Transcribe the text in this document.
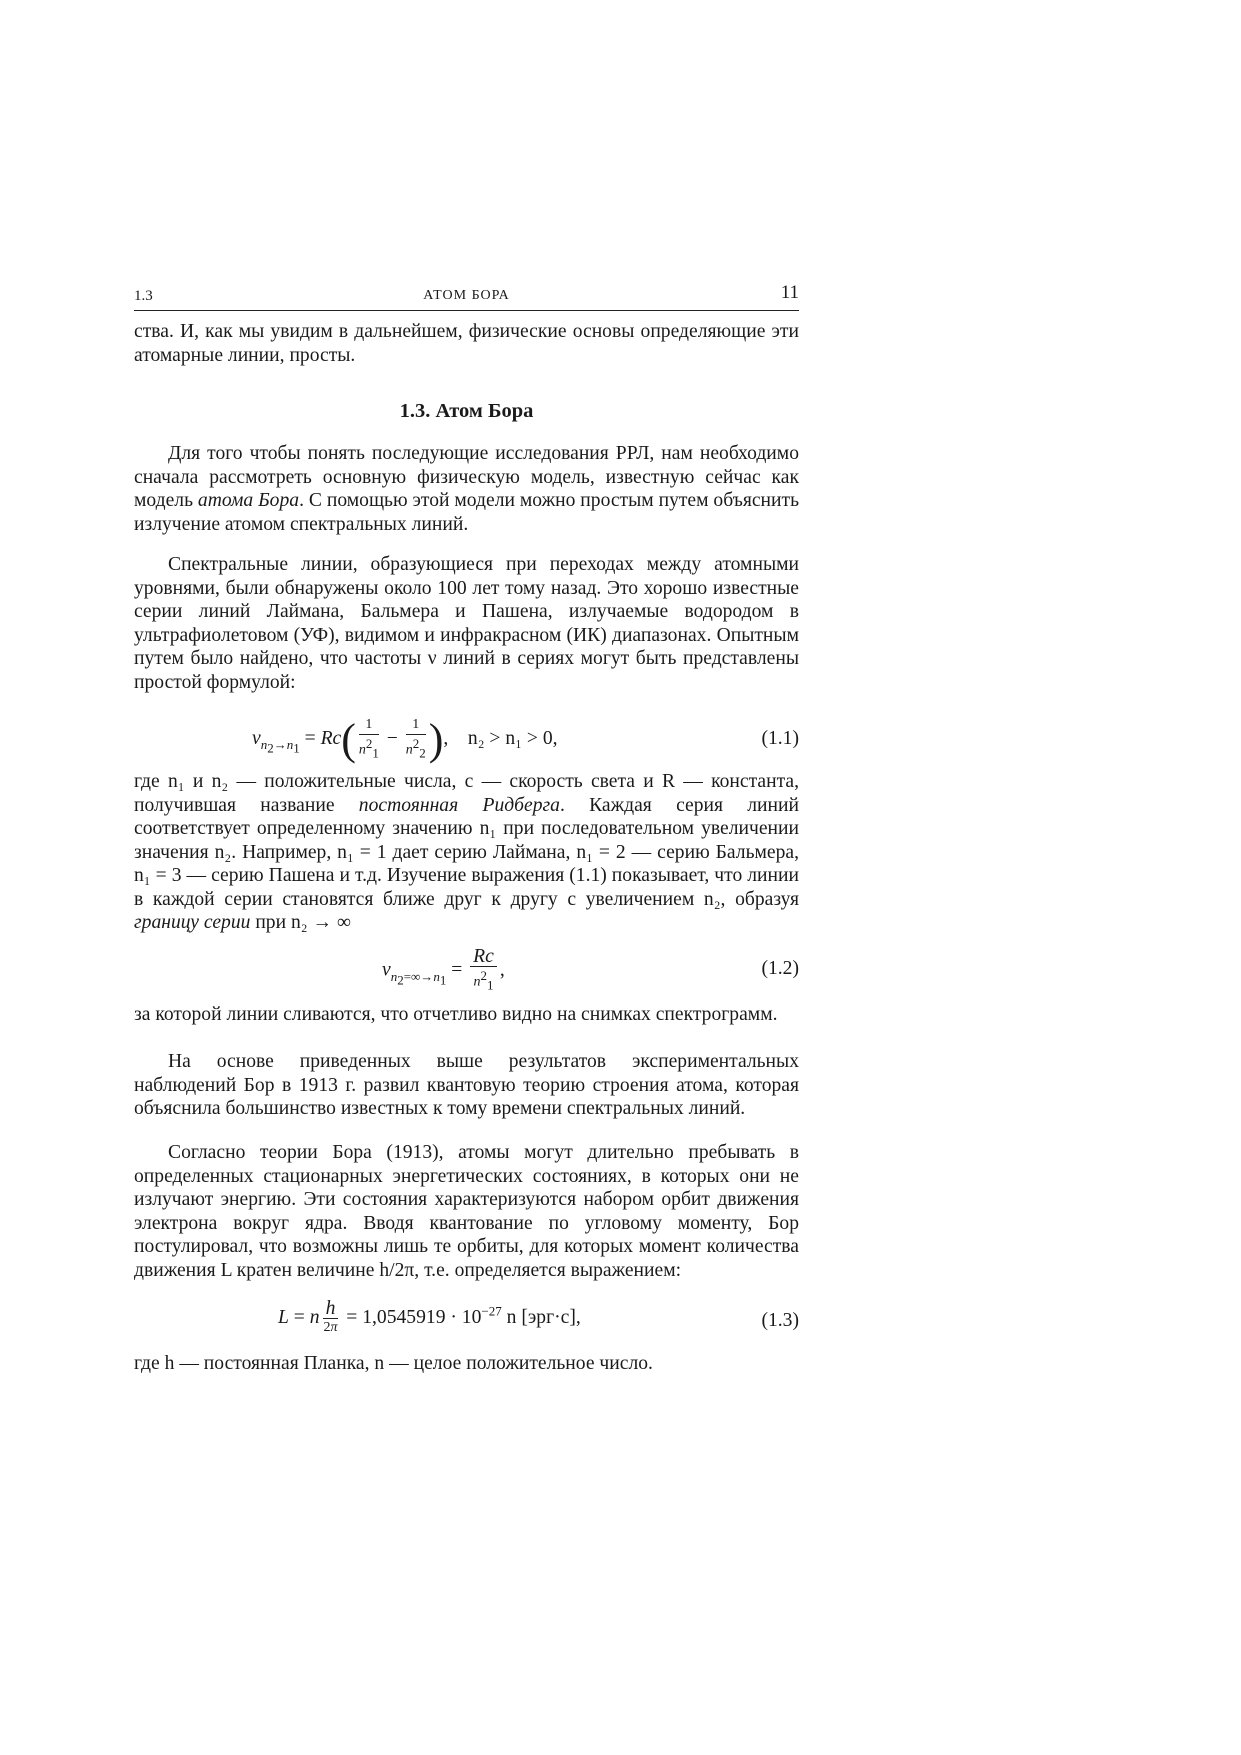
1.3	АТОМ БОРА	11

ства. И, как мы увидим в дальнейшем, физические основы определяющие эти атомарные линии, просты.

1.3. Атом Бора

Для того чтобы понять последующие исследования РРЛ, нам необходимо сначала рассмотреть основную физическую модель, известную сейчас как модель атома Бора. С помощью этой модели можно простым путем объяснить излучение атомом спектральных линий.

Спектральные линии, образующиеся при переходах между атомными уровнями, были обнаружены около 100 лет тому назад. Это хорошо известные серии линий Лаймана, Бальмера и Пашена, излучаемые водородом в ультрафиолетовом (УФ), видимом и инфракрасном (ИК) диапазонах. Опытным путем было найдено, что частоты ν линий в сериях могут быть представлены простой формулой:

$\nu_{n_2\to n_1} = Rc( \frac{1}{n^2_1} - \frac{1}{n^2_2}$ ),    n₂ > n₁ > 0,	(1.1)

где n₁ и n₂ — положительные числа, c — скорость света и R — константа, получившая название постоянная Ридберга. Каждая серия линий соответствует определенному значению n₁ при последовательном увеличении значения n₂. Например, n₁ = 1 дает серию Лаймана, n₁ = 2 — серию Бальмера, n₁ = 3 — серию Пашена и т.д. Изучение выражения (1.1) показывает, что линии в каждой серии становятся ближе друг к другу с увеличением n₂, образуя границу серии при n₂ → ∞

$\nu_{n_2=\infty\to n_1} = \frac{Rc}{n^2_1}$ ,	(1.2)

за которой линии сливаются, что отчетливо видно на снимках спектрограмм.

На основе приведенных выше результатов экспериментальных наблюдений Бор в 1913 г. развил квантовую теорию строения атома, которая объяснила большинство известных к тому времени спектральных линий.

Согласно теории Бора (1913), атомы могут длительно пребывать в определенных стационарных энергетических состояниях, в которых они не излучают энергию. Эти состояния характеризуются набором орбит движения электрона вокруг ядра. Вводя квантование по угловому моменту, Бор постулировал, что возможны лишь те орбиты, для которых момент количества движения L кратен величине h/2π, т.е. определяется выражением:

L = n $\frac{h}{2\pi} = 1,0545919 \cdot 10^{-27}$ n [эрг·с],	(1.3)

где h — постоянная Планка, n — целое положительное число.
